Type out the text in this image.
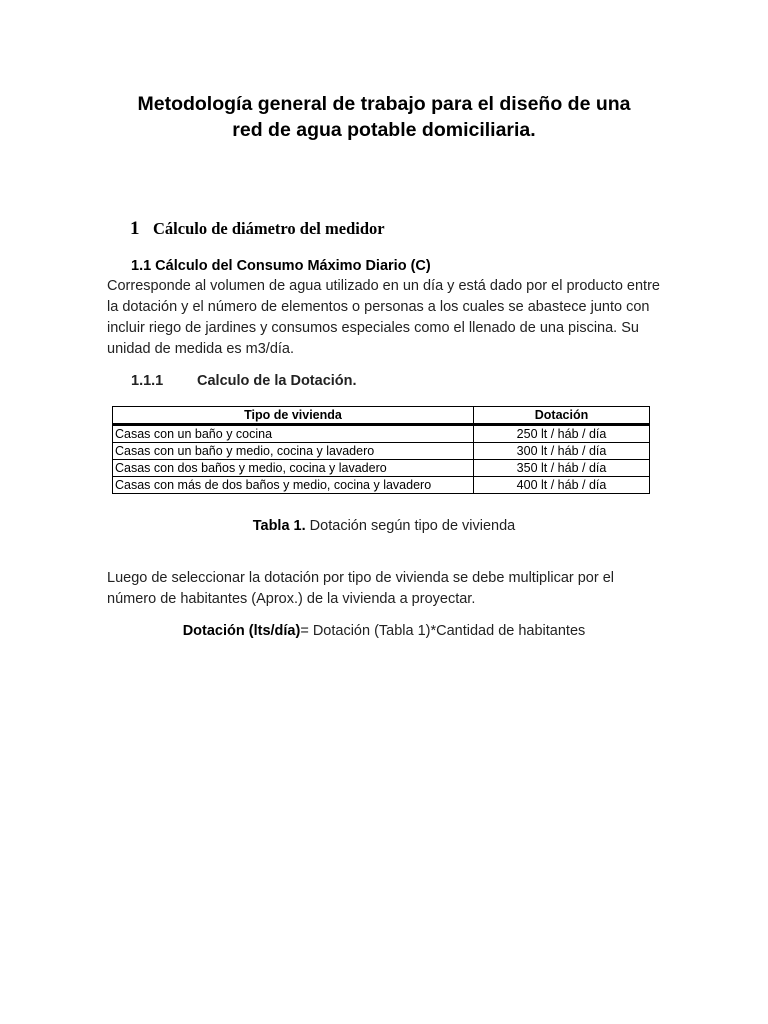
Metodología general de trabajo para el diseño de una
red de agua potable domiciliaria.
1 Cálculo de diámetro del medidor
1.1 Cálculo del Consumo Máximo Diario (C)

Corresponde al volumen de agua utilizado en un día y está dado por el producto entre la dotación y el número de elementos o personas a los cuales se abastece junto con incluir riego de jardines y consumos especiales como el llenado de una piscina. Su unidad de medida es m3/día.

1.1.1 Calculo de la Dotación.
Tipo de vivienda	Dotación
Casas con un baño y cocina	250 lt / háb / día
Casas con un baño y medio, cocina y lavadero	300 lt / háb / día
Casas con dos baños y medio, cocina y lavadero	350 lt / háb / día
Casas con más de dos baños y medio, cocina y lavadero	400 lt / háb / día

Tabla 1. Dotación según tipo de vivienda

Luego de seleccionar la dotación por tipo de vivienda se debe multiplicar por el número de habitantes (Aprox.) de la vivienda a proyectar.

Dotación (lts/día)= Dotación (Tabla 1)*Cantidad de habitantes
